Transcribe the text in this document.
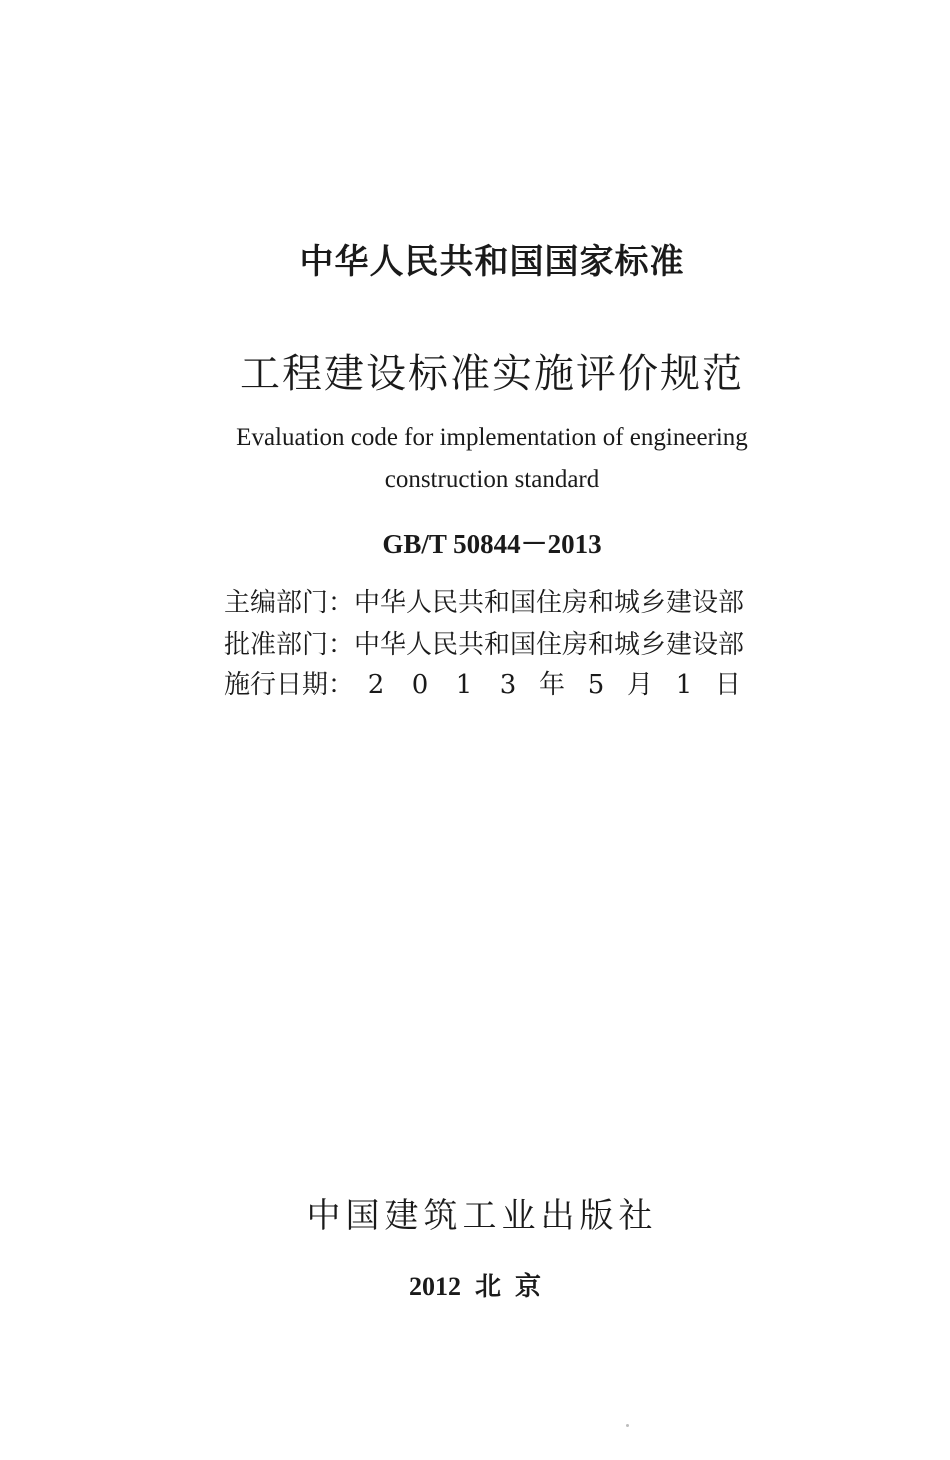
中华人民共和国国家标准
工程建设标准实施评价规范
Evaluation code for implementation of engineering
construction standard
GB/T 50844－2013
主编部门：中华人民共和国住房和城乡建设部
批准部门：中华人民共和国住房和城乡建设部
施行日期： 2 0 1 3 年 5 月 1 日
中国建筑工业出版社
2012 北京
